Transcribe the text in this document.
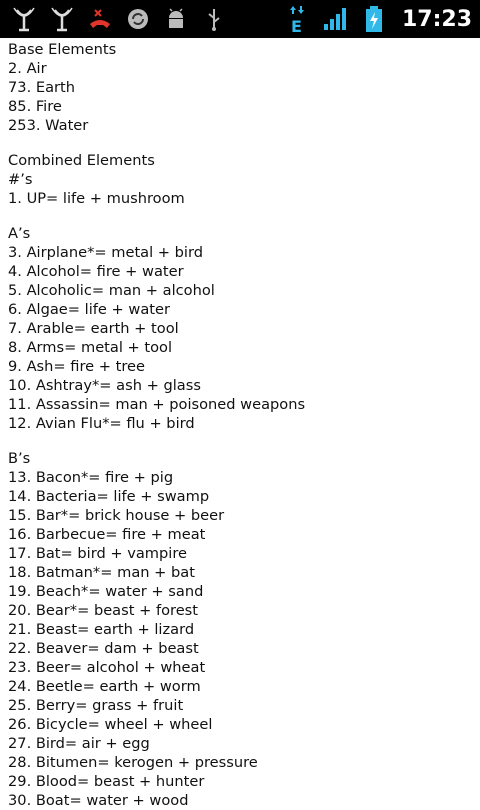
E	17:23
Base Elements
2. Air
73. Earth
85. Fire
253. Water
Combined Elements
#’s
1. UP= life + mushroom
A’s
3. Airplane*= metal + bird
4. Alcohol= fire + water
5. Alcoholic= man + alcohol
6. Algae= life + water
7. Arable= earth + tool
8. Arms= metal + tool
9. Ash= fire + tree
10. Ashtray*= ash + glass
11. Assassin= man + poisoned weapons
12. Avian Flu*= flu + bird
B’s
13. Bacon*= fire + pig
14. Bacteria= life + swamp
15. Bar*= brick house + beer
16. Barbecue= fire + meat
17. Bat= bird + vampire
18. Batman*= man + bat
19. Beach*= water + sand
20. Bear*= beast + forest
21. Beast= earth + lizard
22. Beaver= dam + beast
23. Beer= alcohol + wheat
24. Beetle= earth + worm
25. Berry= grass + fruit
26. Bicycle= wheel + wheel
27. Bird= air + egg
28. Bitumen= kerogen + pressure
29. Blood= beast + hunter
30. Boat= water + wood
